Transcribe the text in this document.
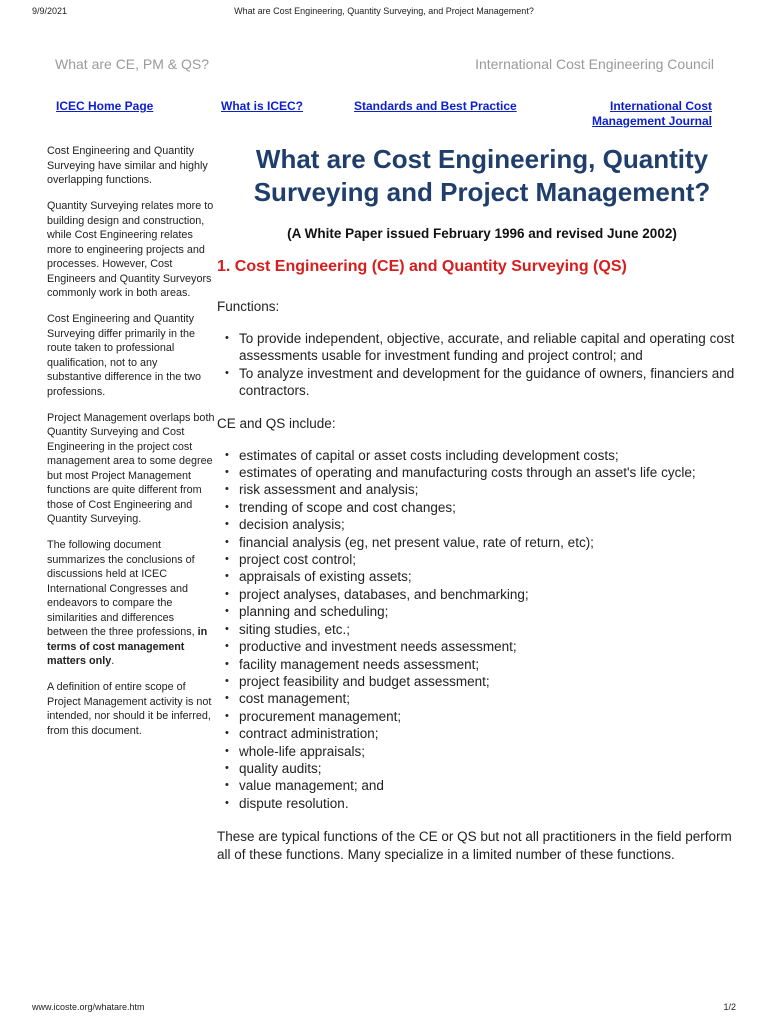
9/9/2021	What are Cost Engineering, Quantity Surveying, and Project Management?
What are CE, PM & QS?	International Cost Engineering Council
ICEC Home Page	What is ICEC?	Standards and Best Practice	International Cost Management Journal

Cost Engineering and Quantity Surveying have similar and highly overlapping functions.

Quantity Surveying relates more to building design and construction, while Cost Engineering relates more to engineering projects and processes. However, Cost Engineers and Quantity Surveyors commonly work in both areas.

Cost Engineering and Quantity Surveying differ primarily in the route taken to professional qualification, not to any substantive difference in the two professions.

Project Management overlaps both Quantity Surveying and Cost Engineering in the project cost management area to some degree but most Project Management functions are quite different from those of Cost Engineering and Quantity Surveying.

The following document summarizes the conclusions of discussions held at ICEC International Congresses and endeavors to compare the similarities and differences between the three professions, in terms of cost management matters only.

A definition of entire scope of Project Management activity is not intended, nor should it be inferred, from this document.

What are Cost Engineering, Quantity Surveying and Project Management?
(A White Paper issued February 1996 and revised June 2002)
1. Cost Engineering (CE) and Quantity Surveying (QS)
Functions:
• To provide independent, objective, accurate, and reliable capital and operating cost assessments usable for investment funding and project control; and
• To analyze investment and development for the guidance of owners, financiers and contractors.
CE and QS include:
• estimates of capital or asset costs including development costs;
• estimates of operating and manufacturing costs through an asset's life cycle;
• risk assessment and analysis;
• trending of scope and cost changes;
• decision analysis;
• financial analysis (eg, net present value, rate of return, etc);
• project cost control;
• appraisals of existing assets;
• project analyses, databases, and benchmarking;
• planning and scheduling;
• siting studies, etc.;
• productive and investment needs assessment;
• facility management needs assessment;
• project feasibility and budget assessment;
• cost management;
• procurement management;
• contract administration;
• whole-life appraisals;
• quality audits;
• value management; and
• dispute resolution.
These are typical functions of the CE or QS but not all practitioners in the field perform all of these functions. Many specialize in a limited number of these functions.
www.icoste.org/whatare.htm	1/2
